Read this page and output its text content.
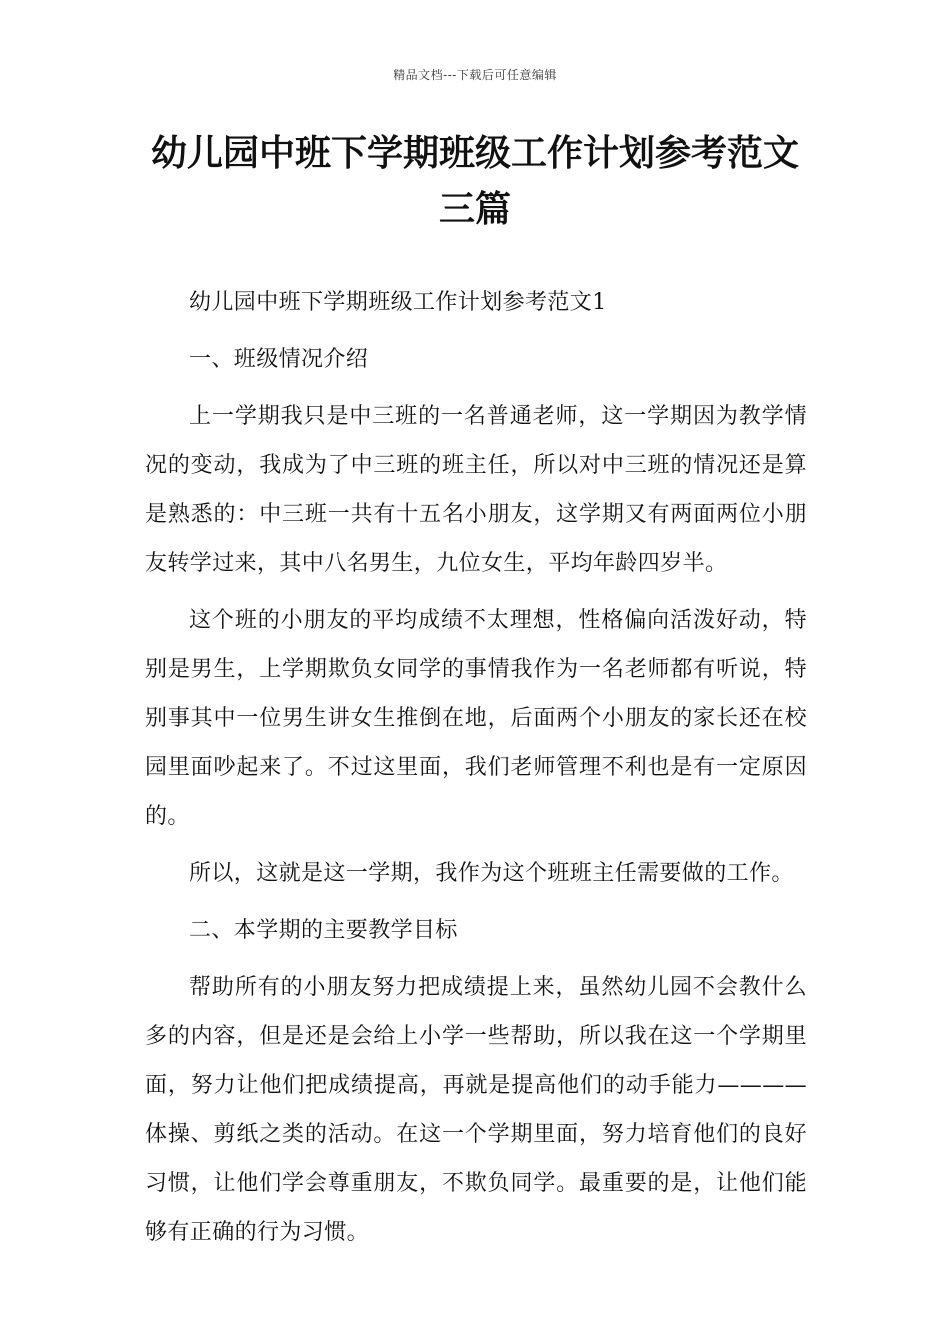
精品文档---下载后可任意编辑
幼儿园中班下学期班级工作计划参考范文三篇

幼儿园中班下学期班级工作计划参考范文1

一、班级情况介绍

上一学期我只是中三班的一名普通老师，这一学期因为教学情况的变动，我成为了中三班的班主任，所以对中三班的情况还是算是熟悉的：中三班一共有十五名小朋友，这学期又有两面两位小朋友转学过来，其中八名男生，九位女生，平均年龄四岁半。

这个班的小朋友的平均成绩不太理想，性格偏向活泼好动，特别是男生，上学期欺负女同学的事情我作为一名老师都有听说，特别事其中一位男生讲女生推倒在地，后面两个小朋友的家长还在校园里面吵起来了。不过这里面，我们老师管理不利也是有一定原因的。

所以，这就是这一学期，我作为这个班班主任需要做的工作。

二、本学期的主要教学目标

帮助所有的小朋友努力把成绩提上来，虽然幼儿园不会教什么多的内容，但是还是会给上小学一些帮助，所以我在这一个学期里面，努力让他们把成绩提高，再就是提高他们的动手能力————体操、剪纸之类的活动。在这一个学期里面，努力培育他们的良好习惯，让他们学会尊重朋友，不欺负同学。最重要的是，让他们能够有正确的行为习惯。
